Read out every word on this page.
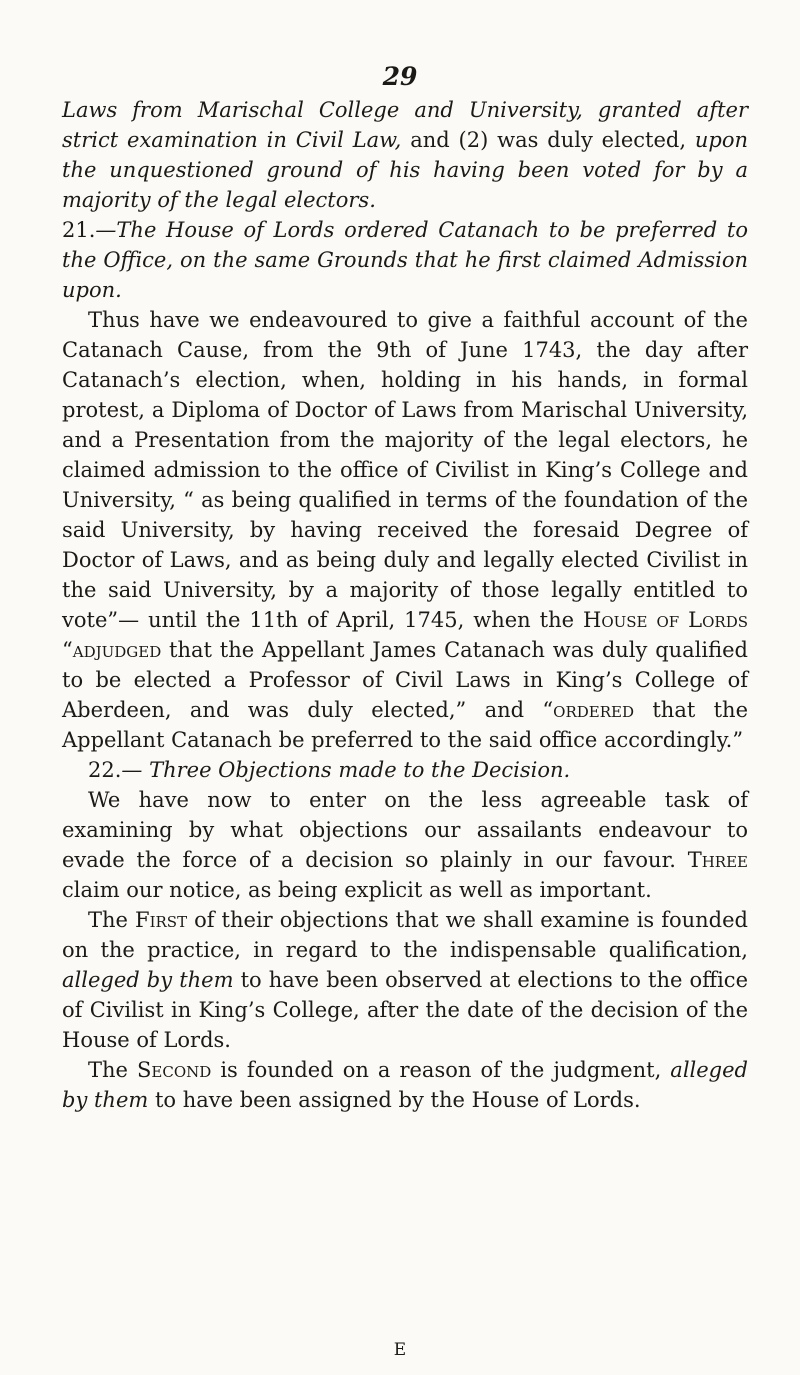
29

Laws from Marischal College and University, granted after strict examination in Civil Law, and (2) was duly elected, upon the unquestioned ground of his having been voted for by a majority of the legal electors.

21.—The House of Lords ordered Catanach to be preferred to the Office, on the same Grounds that he first claimed Admission upon.

Thus have we endeavoured to give a faithful account of the Catanach Cause, from the 9th of June 1743, the day after Catanach’s election, when, holding in his hands, in formal protest, a Diploma of Doctor of Laws from Marischal University, and a Presentation from the majority of the legal electors, he claimed admission to the office of Civilist in King’s College and University, “ as being qualified in terms of the foundation of the said University, by having received the foresaid Degree of Doctor of Laws, and as being duly and legally elected Civilist in the said University, by a majority of those legally entitled to vote”— until the 11th of April, 1745, when the House of Lords “adjudged that the Appellant James Catanach was duly qualified to be elected a Professor of Civil Laws in King’s College of Aberdeen, and was duly elected,” and “ordered that the Appellant Catanach be preferred to the said office accordingly.”

22.— Three Objections made to the Decision.

We have now to enter on the less agreeable task of examining by what objections our assailants endeavour to evade the force of a decision so plainly in our favour. Three claim our notice, as being explicit as well as important.

The First of their objections that we shall examine is founded on the practice, in regard to the indispensable qualification, alleged by them to have been observed at elections to the office of Civilist in King’s College, after the date of the decision of the House of Lords.

The Second is founded on a reason of the judgment, alleged by them to have been assigned by the House of Lords.

E
